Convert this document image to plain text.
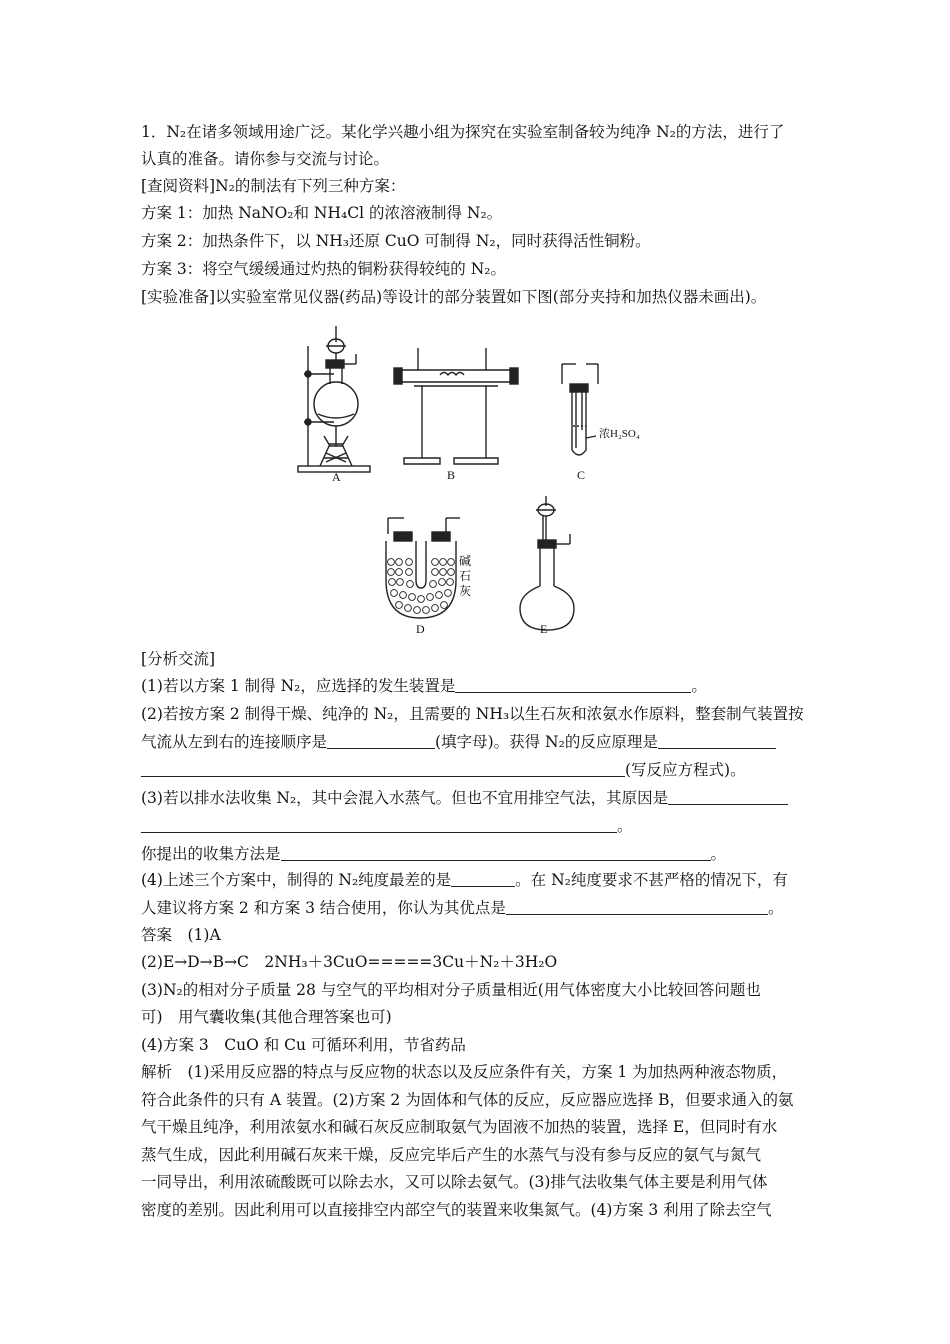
1．N₂在诸多领域用途广泛。某化学兴趣小组为探究在实验室制备较为纯净 N₂的方法，进行了
认真的准备。请你参与交流与讨论。
[查阅资料]N₂的制法有下列三种方案：
方案 1：加热 NaNO₂和 NH₄Cl 的浓溶液制得 N₂。
方案 2：加热条件下，以 NH₃还原 CuO 可制得 N₂，同时获得活性铜粉。
方案 3：将空气缓缓通过灼热的铜粉获得较纯的 N₂。
[实验准备]以实验室常见仪器(药品)等设计的部分装置如下图(部分夹持和加热仪器未画出)。
A	B	C
浓H₂SO₄
D
碱
石
灰
E
[分析交流]
(1)若以方案 1 制得 N₂，应选择的发生装置是	。
(2)若按方案 2 制得干燥、纯净的 N₂，且需要的 NH₃以生石灰和浓氨水作原料，整套制气装置按
气流从左到右的连接顺序是	(填字母)。获得 N₂的反应原理是
(写反应方程式)。
(3)若以排水法收集 N₂，其中会混入水蒸气。但也不宜用排空气法，其原因是
。
你提出的收集方法是	。
(4)上述三个方案中，制得的 N₂纯度最差的是	。在 N₂纯度要求不甚严格的情况下，有
人建议将方案 2 和方案 3 结合使用，你认为其优点是	。
答案　(1)A
(2)E→D→B→C　2NH₃＋3CuO=====3Cu＋N₂＋3H₂O
(3)N₂的相对分子质量 28 与空气的平均相对分子质量相近(用气体密度大小比较回答问题也
可)　用气囊收集(其他合理答案也可)
(4)方案 3　CuO 和 Cu 可循环利用，节省药品
解析　(1)采用反应器的特点与反应物的状态以及反应条件有关，方案 1 为加热两种液态物质，
符合此条件的只有 A 装置。(2)方案 2 为固体和气体的反应，反应器应选择 B，但要求通入的氨
气干燥且纯净，利用浓氨水和碱石灰反应制取氨气为固液不加热的装置，选择 E，但同时有水
蒸气生成，因此利用碱石灰来干燥，反应完毕后产生的水蒸气与没有参与反应的氨气与氮气
一同导出，利用浓硫酸既可以除去水，又可以除去氨气。(3)排气法收集气体主要是利用气体
密度的差别。因此利用可以直接排空内部空气的装置来收集氮气。(4)方案 3 利用了除去空气
